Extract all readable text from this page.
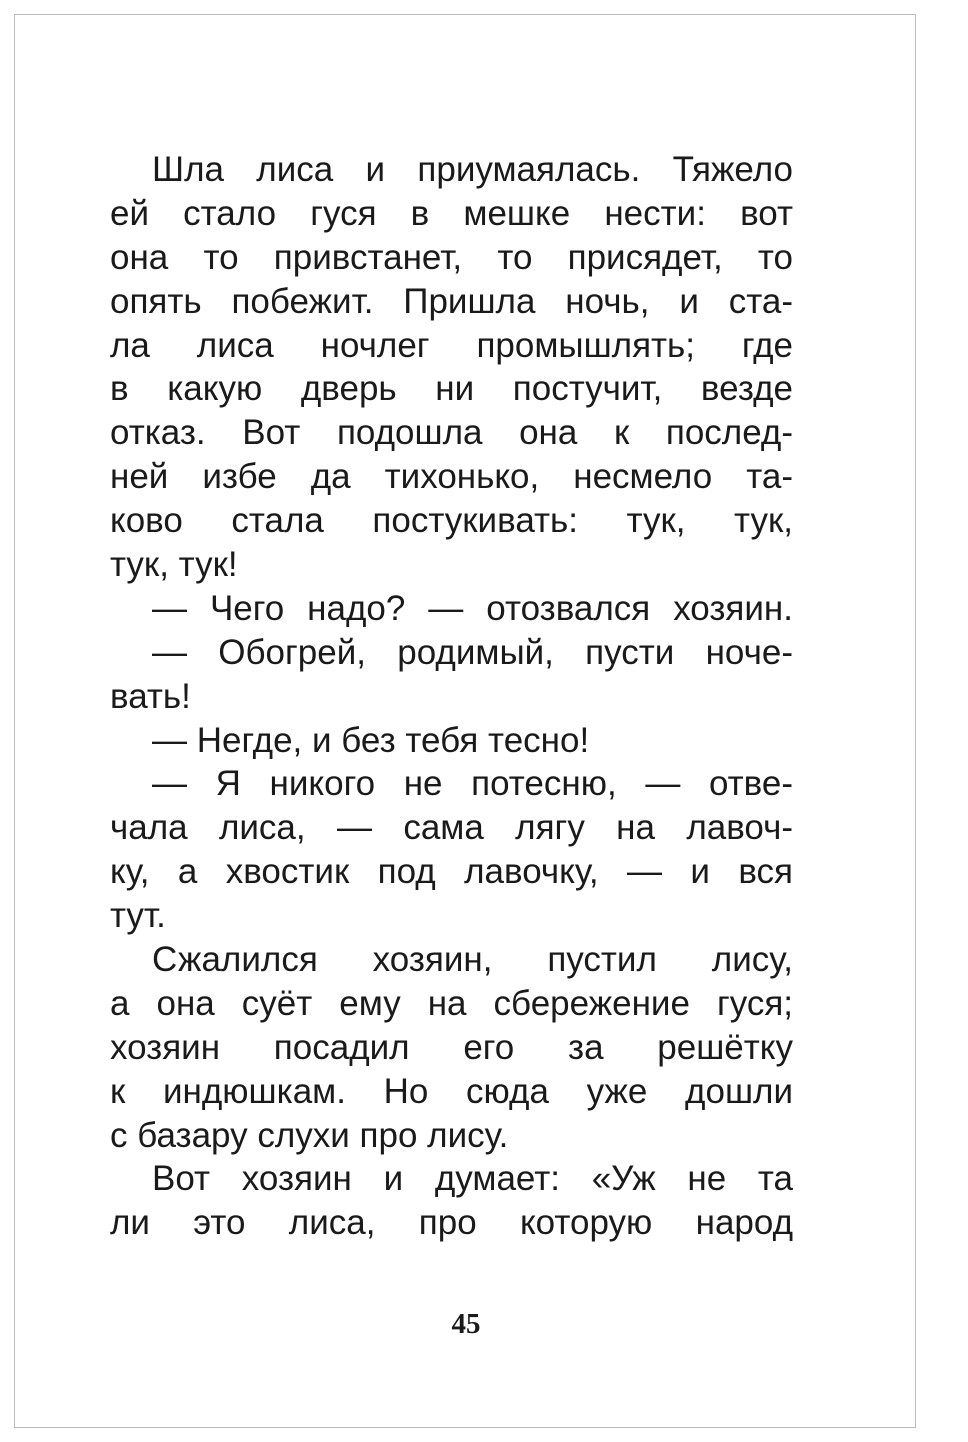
Шла лиса и приумаялась. Тяжело
ей стало гуся в мешке нести: вот
она то привстанет, то присядет, то
опять побежит. Пришла ночь, и ста-
ла лиса ночлег промышлять; где
в какую дверь ни постучит, везде
отказ. Вот подошла она к послед-
ней избе да тихонько, несмело та-
ково стала постукивать: тук, тук,
тук, тук!
— Чего надо? — отозвался хозяин.
— Обогрей, родимый, пусти ноче-
вать!
— Негде, и без тебя тесно!
— Я никого не потесню, — отве-
чала лиса, — сама лягу на лавоч-
ку, а хвостик под лавочку, — и вся
тут.
Сжалился хозяин, пустил лису,
а она суёт ему на сбережение гуся;
хозяин посадил его за решётку
к индюшкам. Но сюда уже дошли
с базару слухи про лису.
Вот хозяин и думает: «Уж не та
ли это лиса, про которую народ
45
